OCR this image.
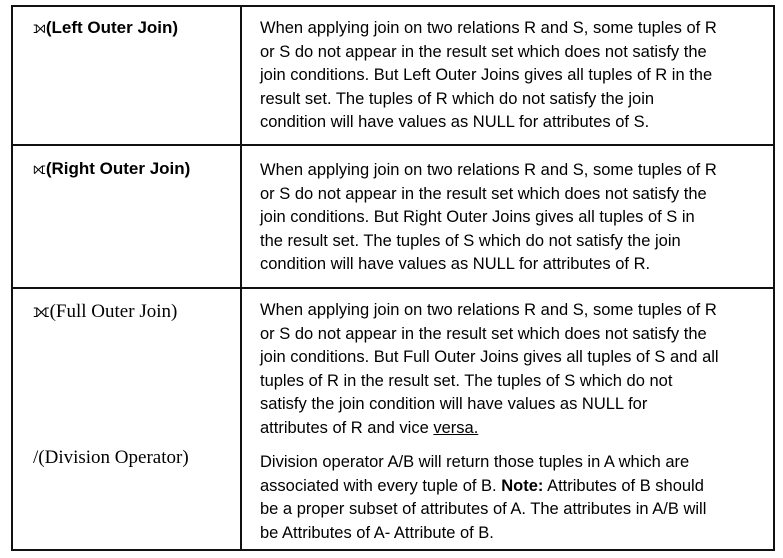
⟕(Left Outer Join)	When applying join on two relations R and S, some tuples of R
or S do not appear in the result set which does not satisfy the
join conditions. But Left Outer Joins gives all tuples of R in the
result set. The tuples of R which do not satisfy the join
condition will have values as NULL for attributes of S.
⟖(Right Outer Join)	When applying join on two relations R and S, some tuples of R
or S do not appear in the result set which does not satisfy the
join conditions. But Right Outer Joins gives all tuples of S in
the result set. The tuples of S which do not satisfy the join
condition will have values as NULL for attributes of R.
⟗(Full Outer Join)	When applying join on two relations R and S, some tuples of R
or S do not appear in the result set which does not satisfy the
join conditions. But Full Outer Joins gives all tuples of S and all
tuples of R in the result set. The tuples of S which do not
satisfy the join condition will have values as NULL for
attributes of R and vice versa.
/(Division Operator)	Division operator A/B will return those tuples in A which are
associated with every tuple of B. Note: Attributes of B should
be a proper subset of attributes of A. The attributes in A/B will
be Attributes of A- Attribute of B.
